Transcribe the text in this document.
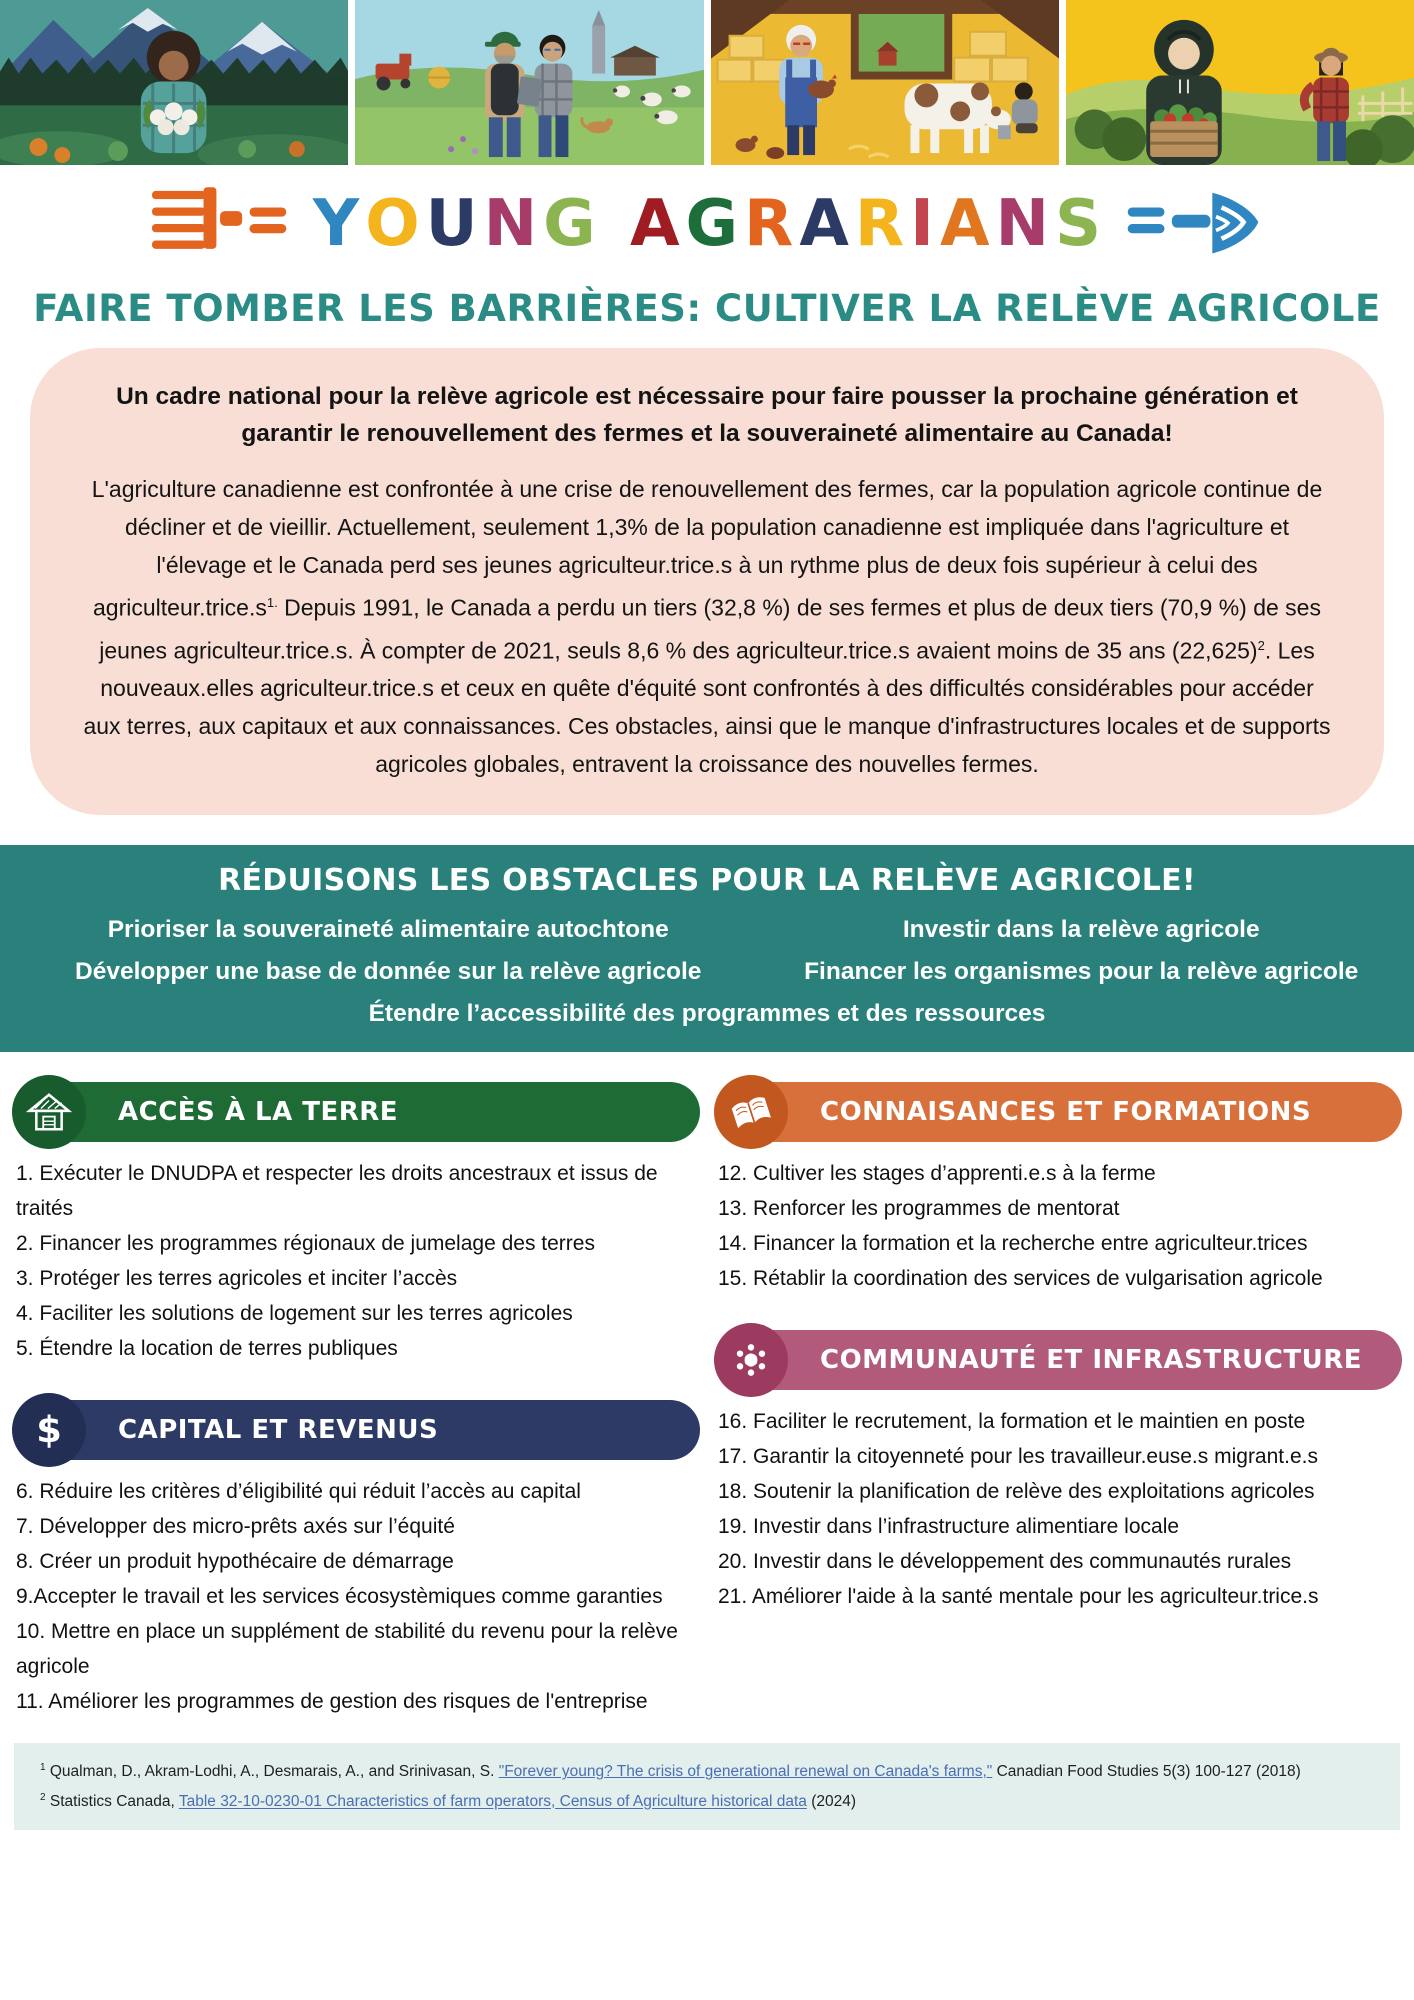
Y O U N G
A G R A R I A N S
FAIRE TOMBER LES BARRIÈRES: CULTIVER LA RELÈVE AGRICOLE

Un cadre national pour la relève agricole est nécessaire pour faire pousser la prochaine génération et garantir le renouvellement des fermes et la souveraineté alimentaire au Canada!

L'agriculture canadienne est confrontée à une crise de renouvellement des fermes, car la population agricole continue de décliner et de vieillir. Actuellement, seulement 1,3% de la population canadienne est impliquée dans l'agriculture et l'élevage et le Canada perd ses jeunes agriculteur.trice.s à un rythme plus de deux fois supérieur à celui des $agriculteur.trice.s^{1.}$ Depuis 1991, le Canada a perdu un tiers (32,8 %) de ses fermes et plus de deux tiers (70,9 %) de ses jeunes agriculteur.trice.s. À compter de 2021, seuls 8,6 % des agriculteur.trice.s avaient moins de 35 ans $(22,625)^2$. Les nouveaux.elles agriculteur.trice.s et ceux en quête d'équité sont confrontés à des difficultés considérables pour accéder aux terres, aux capitaux et aux connaissances. Ces obstacles, ainsi que le manque d'infrastructures locales et de supports agricoles globales, entravent la croissance des nouvelles fermes.

RÉDUISONS LES OBSTACLES POUR LA RELÈVE AGRICOLE!
Prioriser la souveraineté alimentaire autochtone	Investir dans la relève agricole
Développer une base de donnée sur la relève agricole	Financer les organismes pour la relève agricole
Étendre l’accessibilité des programmes et des ressources
ACCÈS À LA TERRE

1. Exécuter le DNUDPA et respecter les droits ancestraux et issus de traités

2. Financer les programmes régionaux de jumelage des terres

3. Protéger les terres agricoles et inciter l’accès

4. Faciliter les solutions de logement sur les terres agricoles

5. Étendre la location de terres publiques

$ CAPITAL ET REVENUS

6. Réduire les critères d’éligibilité qui réduit l’accès au capital

7. Développer des micro-prêts axés sur l’équité

8. Créer un produit hypothécaire de démarrage

9.Accepter le travail et les services écosystèmiques comme garanties

10. Mettre en place un supplément de stabilité du revenu pour la relève agricole

11. Améliorer les programmes de gestion des risques de l'entreprise

CONNAISANCES ET FORMATIONS

12. Cultiver les stages d’apprenti.e.s à la ferme

13. Renforcer les programmes de mentorat

14. Financer la formation et la recherche entre agriculteur.trices

15. Rétablir la coordination des services de vulgarisation agricole

COMMUNAUTÉ ET INFRASTRUCTURE

16. Faciliter le recrutement, la formation et le maintien en poste

17. Garantir la citoyenneté pour les travailleur.euse.s migrant.e.s

18. Soutenir la planification de relève des exploitations agricoles

19. Investir dans l’infrastructure alimentiare locale

20. Investir dans le développement des communautés rurales

21. Améliorer l'aide à la santé mentale pour les agriculteur.trice.s

$^1$ Qualman, D., Akram-Lodhi, A., Desmarais, A., and Srinivasan, S. "Forever young? The crisis of generational renewal on Canada's farms," Canadian Food Studies 5(3) 100-127 (2018)

$^2$ Statistics Canada, Table 32-10-0230-01 Characteristics of farm operators, Census of Agriculture historical data (2024)
